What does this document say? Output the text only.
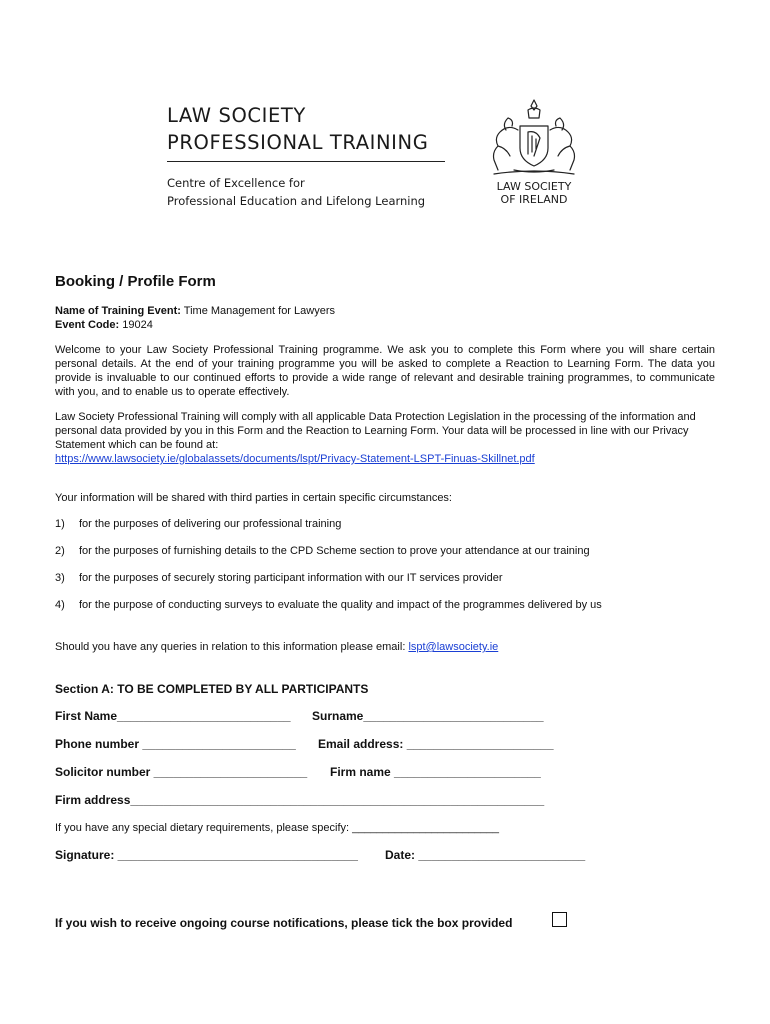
LAW SOCIETY
PROFESSIONAL TRAINING
Centre of Excellence for
Professional Education and Lifelong Learning
LAW SOCIETY
OF IRELAND
Booking / Profile Form
Name of Training Event: Time Management for Lawyers
Event Code: 19024
Welcome to your Law Society Professional Training programme. We ask you to complete this Form where you will share certain personal details. At the end of your training programme you will be asked to complete a Reaction to Learning Form. The data you provide is invaluable to our continued efforts to provide a wide range of relevant and desirable training programmes, to communicate with you, and to enable us to operate effectively.
Law Society Professional Training will comply with all applicable Data Protection Legislation in the processing of the information and personal data provided by you in this Form and the Reaction to Learning Form. Your data will be processed in line with our Privacy Statement which can be found at:
https://www.lawsociety.ie/globalassets/documents/lspt/Privacy-Statement-LSPT-Finuas-Skillnet.pdf
Your information will be shared with third parties in certain specific circumstances:
1)	for the purposes of delivering our professional training
2)	for the purposes of furnishing details to the CPD Scheme section to prove your attendance at our training
3)	for the purposes of securely storing participant information with our IT services provider
4)	for the purpose of conducting surveys to evaluate the quality and impact of the programmes delivered by us
Should you have any queries in relation to this information please email: lspt@lawsociety.ie
Section A: TO BE COMPLETED BY ALL PARTICIPANTS
First Name__________________________ Surname___________________________
Phone number _______________________ Email address: ______________________
Solicitor number _______________________ Firm name ______________________
Firm address______________________________________________________________
If you have any special dietary requirements, please specify: ________________________
Signature: ____________________________________ Date: _________________________
If you wish to receive ongoing course notifications, please tick the box provided
